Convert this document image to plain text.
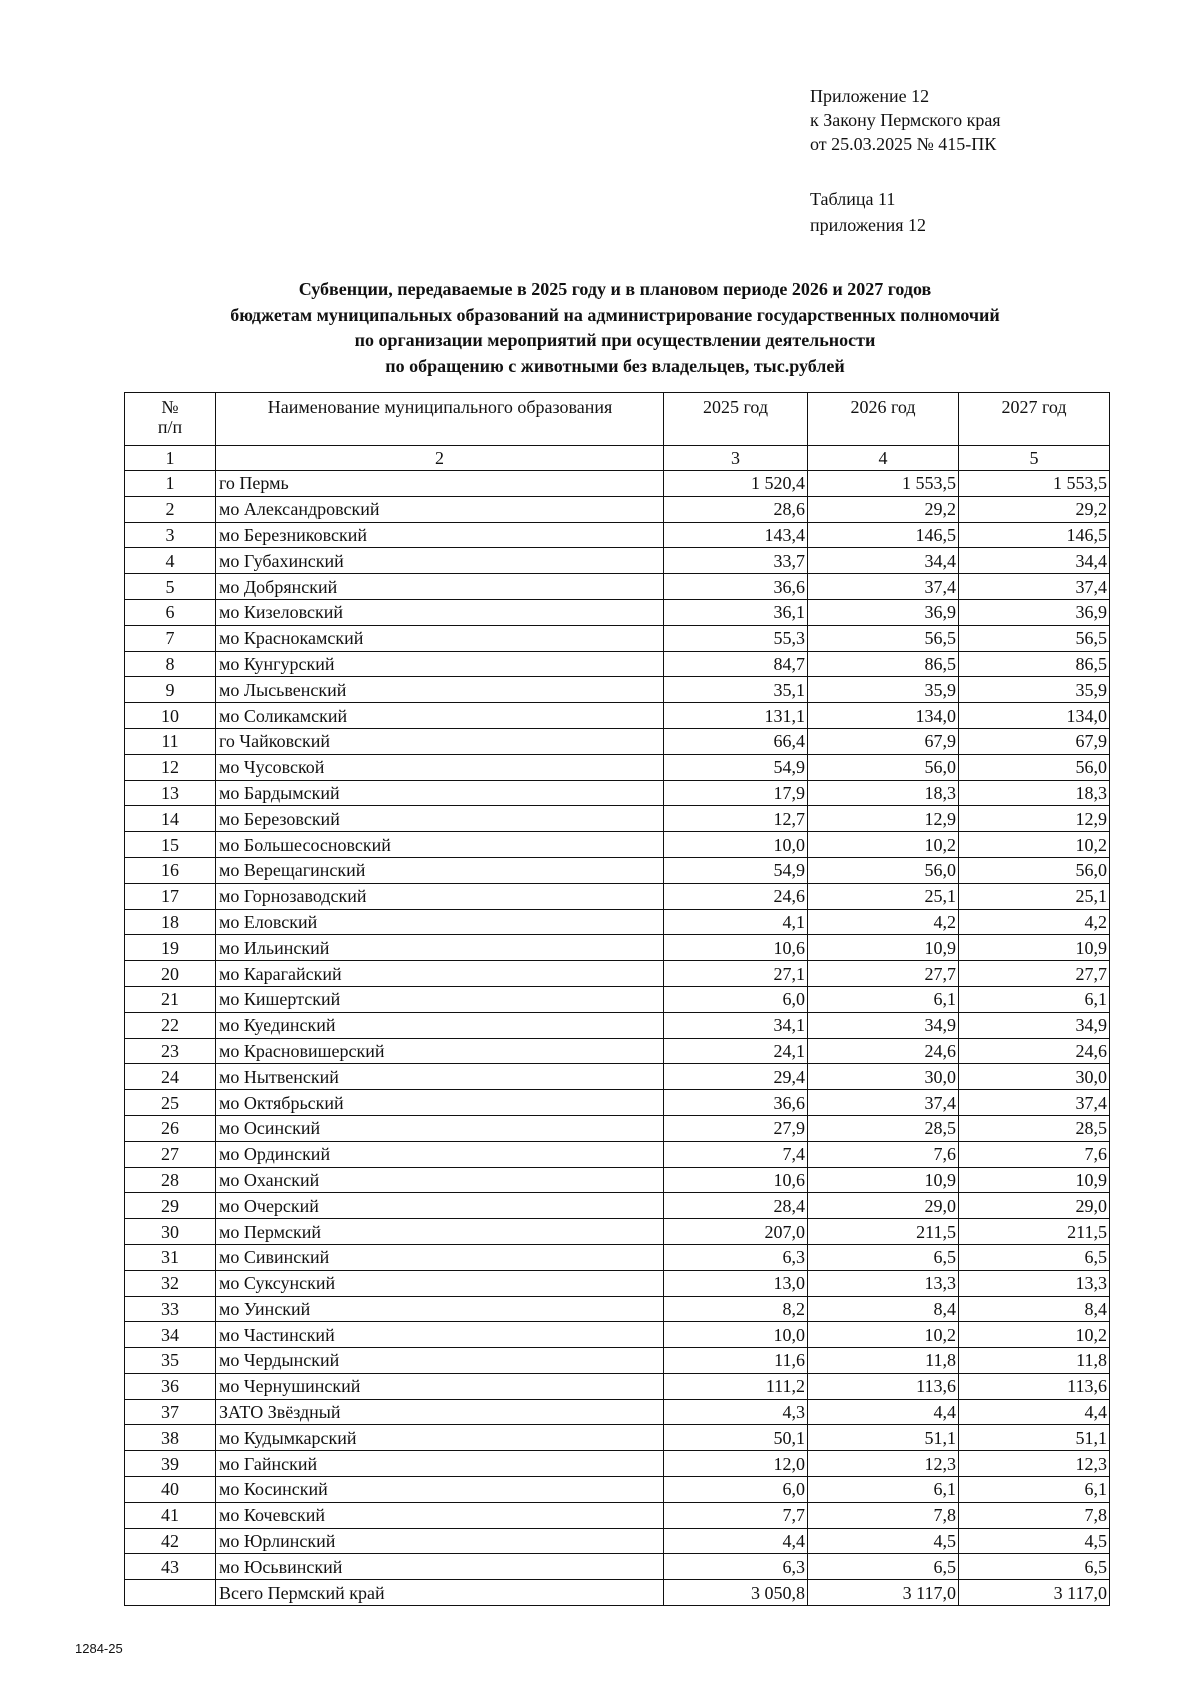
Приложение 12
к Закону Пермского края
от 25.03.2025 № 415-ПК
Таблица 11
приложения 12
Субвенции, передаваемые в 2025 году и в плановом периоде 2026 и 2027 годов
бюджетам муниципальных образований на администрирование государственных полномочий
по организации мероприятий при осуществлении деятельности
по обращению с животными без владельцев, тыс.рублей
№
п/п	Наименование муниципального образования	2025 год	2026 год	2027 год
1	2	3	4	5
1	го Пермь	1 520,4	1 553,5	1 553,5
2	мо Александровский	28,6	29,2	29,2
3	мо Березниковский	143,4	146,5	146,5
4	мо Губахинский	33,7	34,4	34,4
5	мо Добрянский	36,6	37,4	37,4
6	мо Кизеловский	36,1	36,9	36,9
7	мо Краснокамский	55,3	56,5	56,5
8	мо Кунгурский	84,7	86,5	86,5
9	мо Лысьвенский	35,1	35,9	35,9
10	мо Соликамский	131,1	134,0	134,0
11	го Чайковский	66,4	67,9	67,9
12	мо Чусовской	54,9	56,0	56,0
13	мо Бардымский	17,9	18,3	18,3
14	мо Березовский	12,7	12,9	12,9
15	мо Большесосновский	10,0	10,2	10,2
16	мо Верещагинский	54,9	56,0	56,0
17	мо Горнозаводский	24,6	25,1	25,1
18	мо Еловский	4,1	4,2	4,2
19	мо Ильинский	10,6	10,9	10,9
20	мо Карагайский	27,1	27,7	27,7
21	мо Кишертский	6,0	6,1	6,1
22	мо Куединский	34,1	34,9	34,9
23	мо Красновишерский	24,1	24,6	24,6
24	мо Нытвенский	29,4	30,0	30,0
25	мо Октябрьский	36,6	37,4	37,4
26	мо Осинский	27,9	28,5	28,5
27	мо Ординский	7,4	7,6	7,6
28	мо Оханский	10,6	10,9	10,9
29	мо Очерский	28,4	29,0	29,0
30	мо Пермский	207,0	211,5	211,5
31	мо Сивинский	6,3	6,5	6,5
32	мо Суксунский	13,0	13,3	13,3
33	мо Уинский	8,2	8,4	8,4
34	мо Частинский	10,0	10,2	10,2
35	мо Чердынский	11,6	11,8	11,8
36	мо Чернушинский	111,2	113,6	113,6
37	ЗАТО Звёздный	4,3	4,4	4,4
38	мо Кудымкарский	50,1	51,1	51,1
39	мо Гайнский	12,0	12,3	12,3
40	мо Косинский	6,0	6,1	6,1
41	мо Кочевский	7,7	7,8	7,8
42	мо Юрлинский	4,4	4,5	4,5
43	мо Юсьвинский	6,3	6,5	6,5
	Всего Пермский край	3 050,8	3 117,0	3 117,0
1284-25
